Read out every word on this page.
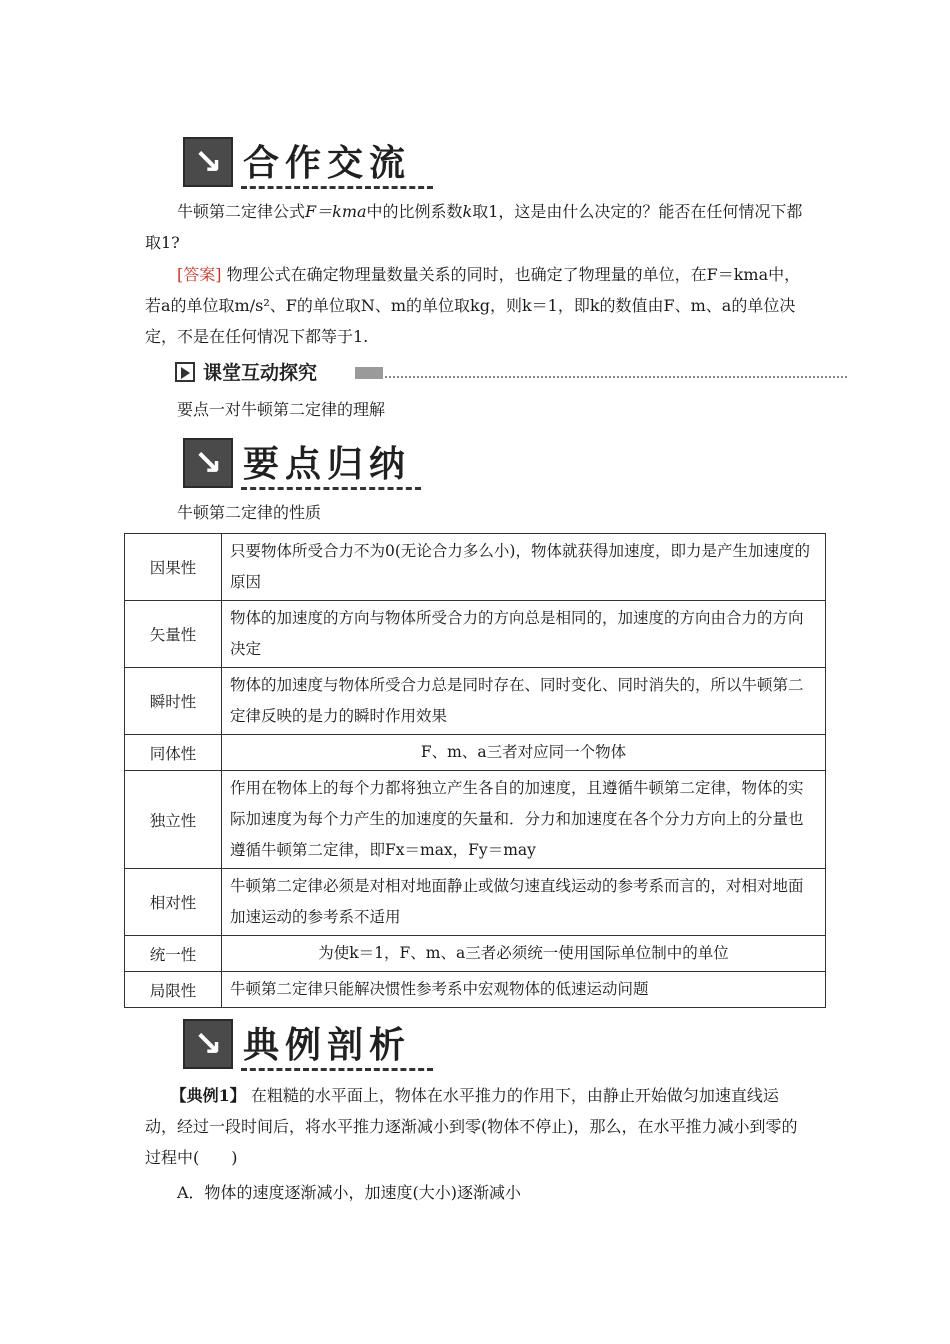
↘ 合作交流
牛顿第二定律公式F＝kma中的比例系数k取1，这是由什么决定的？能否在任何情况下都取1?
[答案] 物理公式在确定物理量数量关系的同时，也确定了物理量的单位，在F＝kma中，若a的单位取m/s²、F的单位取N、m的单位取kg，则k＝1，即k的数值由F、m、a的单位决定，不是在任何情况下都等于1.
课堂互动探究
要点一对牛顿第二定律的理解
↘ 要点归纳
牛顿第二定律的性质
因果性	只要物体所受合力不为0(无论合力多么小)，物体就获得加速度，即力是产生加速度的原因
矢量性	物体的加速度的方向与物体所受合力的方向总是相同的，加速度的方向由合力的方向决定
瞬时性	物体的加速度与物体所受合力总是同时存在、同时变化、同时消失的，所以牛顿第二定律反映的是力的瞬时作用效果
同体性	F、m、a三者对应同一个物体
独立性	作用在物体上的每个力都将独立产生各自的加速度，且遵循牛顿第二定律，物体的实际加速度为每个力产生的加速度的矢量和．分力和加速度在各个分力方向上的分量也遵循牛顿第二定律，即Fx＝max，Fy＝may
相对性	牛顿第二定律必须是对相对地面静止或做匀速直线运动的参考系而言的，对相对地面加速运动的参考系不适用
统一性	为使k＝1，F、m、a三者必须统一使用国际单位制中的单位
局限性	牛顿第二定律只能解决惯性参考系中宏观物体的低速运动问题
↘ 典例剖析
【典例1】 在粗糙的水平面上，物体在水平推力的作用下，由静止开始做匀加速直线运动，经过一段时间后，将水平推力逐渐减小到零(物体不停止)，那么，在水平推力减小到零的过程中(　　)
A．物体的速度逐渐减小，加速度(大小)逐渐减小
